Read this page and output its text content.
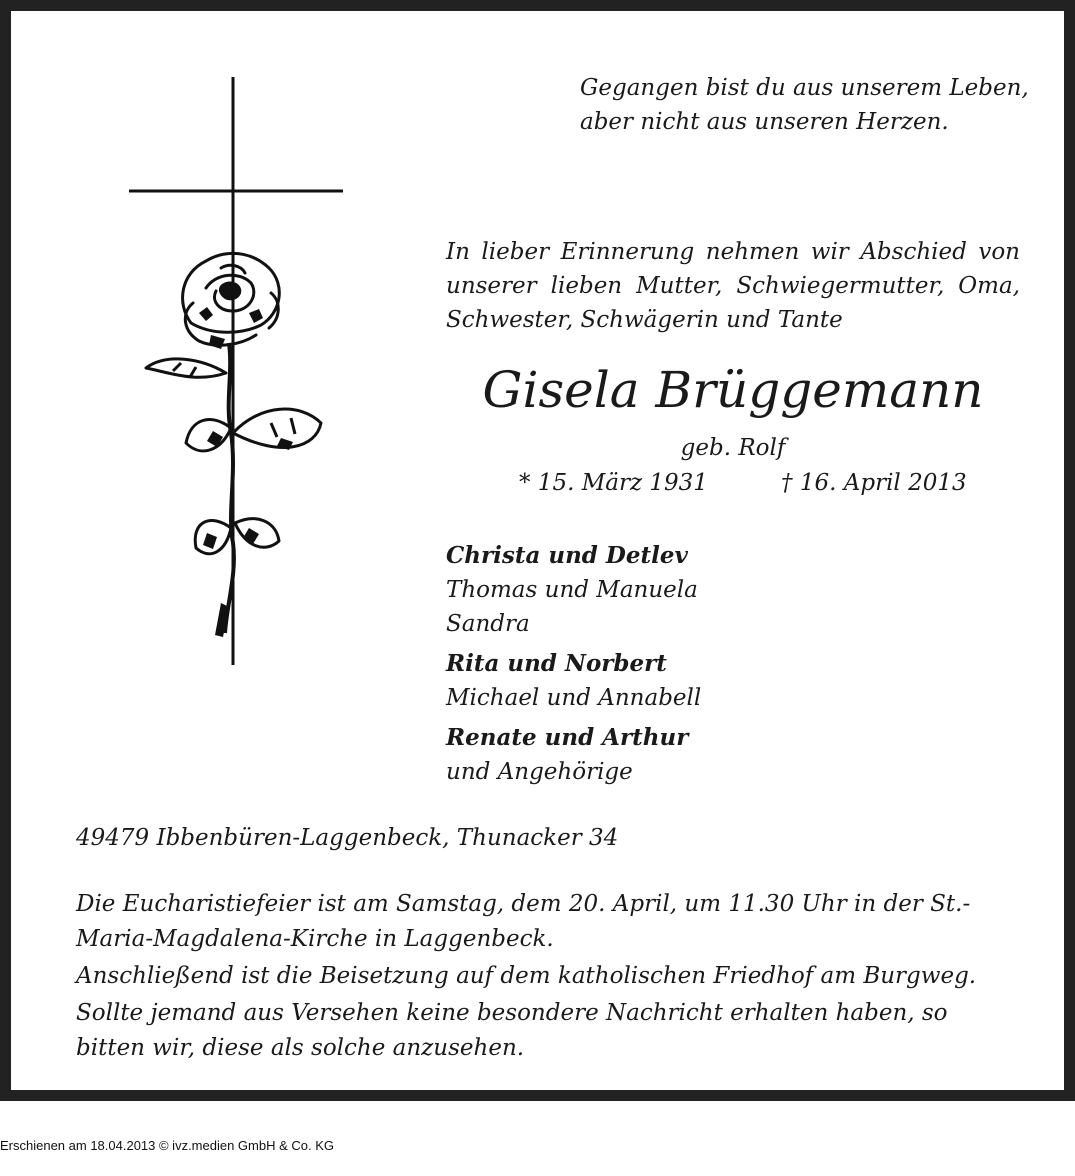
Gegangen bist du aus unserem Leben,
aber nicht aus unseren Herzen.

In lieber Erinnerung nehmen wir Abschied von unserer lieben Mutter, Schwiegermutter, Oma, Schwester, Schwägerin und Tante

Gisela Brüggemann
geb. Rolf
* 15. März 1931	† 16. April 2013
Christa und Detlev
Thomas und Manuela
Sandra
Rita und Norbert
Michael und Annabell
Renate und Arthur
und Angehörige
49479 Ibbenbüren-Laggenbeck, Thunacker 34

Die Eucharistiefeier ist am Samstag, dem 20. April, um 11.30 Uhr in der St.-Maria-Magdalena-Kirche in Laggenbeck.

Anschließend ist die Beisetzung auf dem katholischen Friedhof am Burgweg.

Sollte jemand aus Versehen keine besondere Nachricht erhalten haben, so bitten wir, diese als solche anzusehen.

Erschienen am 18.04.2013 © ivz.medien GmbH & Co. KG
